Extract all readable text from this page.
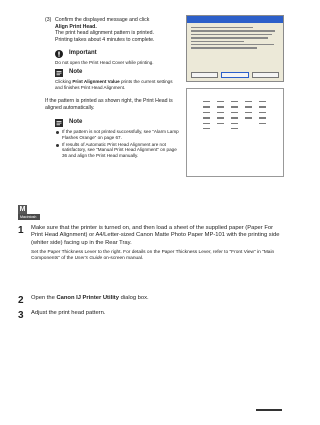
(3) Confirm the displayed message and click
Align Print Head.
The print head alignment pattern is printed.
Printing takes about 4 minutes to complete.
Important
Do not open the Print Head Cover while printing.
Note
Clicking Print Alignment Value prints the current settings and finishes Print Head Alignment.
If the pattern is printed as shown right, the Print Head is aligned automatically.
Note
If the pattern is not printed successfully, see "Alarm Lamp Flashes Orange" on page 67.
If results of Automatic Print Head Alignment are not satisfactory, see "Manual Print Head Alignment" on page 36 and align the Print Head manually.
M
Macintosh
1 Make sure that the printer is turned on, and then load a sheet of the supplied paper (Paper For Print Head Alignment) or A4/Letter-sized Canon Matte Photo Paper MP-101 with the printing side (whiter side) facing up in the Rear Tray.
Set the Paper Thickness Lever to the right. For details on the Paper Thickness Lever, refer to "Front View" in "Main Components" of the User's Guide on-screen manual.
2 Open the Canon IJ Printer Utility dialog box.
3 Adjust the print head pattern.
